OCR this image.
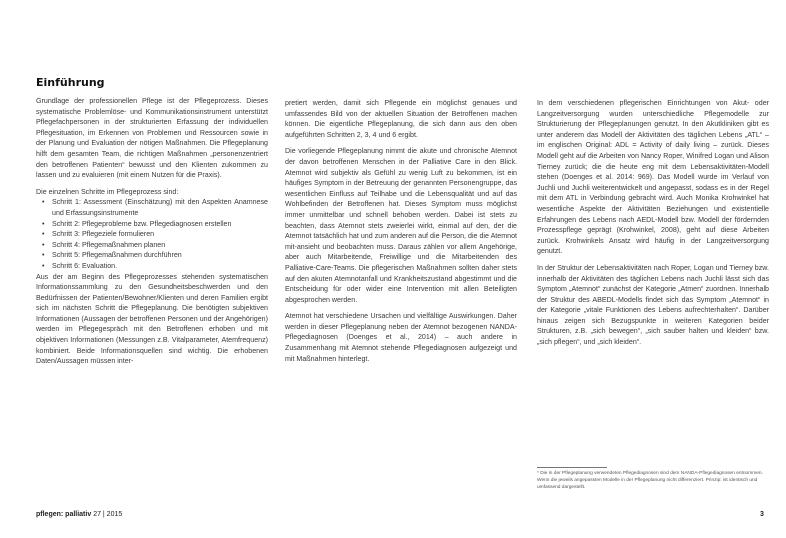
Einführung

Grundlage der professionellen Pflege ist der Pflegeprozess. Dieses systematische Problemlöse- und Kommunikationsinstrument unterstützt Pflegefachpersonen in der strukturierten Erfassung der individuellen Pflegesituation, im Erkennen von Problemen und Ressourcen sowie in der Planung und Evaluation der nötigen Maßnahmen. Die Pflegeplanung hilft dem gesamten Team, die richtigen Maßnahmen „personenzentriert den betroffenen Patienten“ bewusst und den Klienten zukommen zu lassen und zu evaluieren (mit einem Nutzen für die Praxis).

Die einzelnen Schritte im Pflegeprozess sind:
• Schritt 1: Assessment (Einschätzung) mit den Aspekten Anamnese und Erfassungsinstrumente
• Schritt 2: Pflegeprobleme bzw. Pflegediagnosen erstellen
• Schritt 3: Pflegeziele formulieren
• Schritt 4: Pflegemaßnahmen planen
• Schritt 5: Pflegemaßnahmen durchführen
• Schritt 6: Evaluation.

Aus der am Beginn des Pflegeprozesses stehenden systematischen Informationssammlung zu den Gesundheitsbeschwerden und den Bedürfnissen der Patienten/Bewohner/Klienten und deren Familien ergibt sich im nächsten Schritt die Pflegeplanung. Die benötigten subjektiven Informationen (Aussagen der betroffenen Personen und der Angehörigen) werden im Pflegegespräch mit den Betroffenen erhoben und mit objektiven Informationen (Messungen z.B. Vitalparameter, Atemfrequenz) kombiniert. Beide Informationsquellen sind wichtig. Die erhobenen Daten/Aussagen müssen inter-

pretiert werden, damit sich Pflegende ein möglichst genaues und umfassendes Bild von der aktuellen Situation der Betroffenen machen können. Die eigentliche Pflegeplanung, die sich dann aus den oben aufgeführten Schritten 2, 3, 4 und 6 ergibt.

Die vorliegende Pflegeplanung nimmt die akute und chronische Atemnot der davon betroffenen Menschen in der Palliative Care in den Blick. Atemnot wird subjektiv als Gefühl zu wenig Luft zu bekommen, ist ein häufiges Symptom in der Betreuung der genannten Personengruppe, das wesentlichen Einfluss auf Teilhabe und die Lebensqualität und auf das Wohlbefinden der Betroffenen hat. Dieses Symptom muss möglichst immer unmittelbar und schnell behoben werden. Dabei ist stets zu beachten, dass Atemnot stets zweierlei wirkt, einmal auf den, der die Atemnot tatsächlich hat und zum anderen auf die Person, die die Atemnot mit-ansieht und beobachten muss. Daraus zählen vor allem Angehörige, aber auch Mitarbeitende, Freiwillige und die Mitarbeitenden des Palliative-Care-Teams. Die pflegerischen Maßnahmen sollten daher stets auf den akuten Atemnotanfall und Krankheitszustand abgestimmt und die Entscheidung für oder wider eine Intervention mit allen Beteiligten abgesprochen werden.

Atemnot hat verschiedene Ursachen und vielfältige Auswirkungen. Daher werden in dieser Pflegeplanung neben der Atemnot bezogenen NANDA-Pflegediagnosen (Doenges et al., 2014) – auch andere in Zusammenhang mit Atemnot stehende Pflegediagnosen aufgezeigt und mit Maßnahmen hinterlegt.

In dem verschiedenen pflegerischen Einrichtungen von Akut- oder Langzeitversorgung wurden unterschiedliche Pflegemodelle zur Strukturierung der Pflegeplanungen genutzt. In den Akutkliniken gibt es unter anderem das Modell der Aktivitäten des täglichen Lebens „ATL“ – im englischen Original: ADL = Activity of daily living – zurück. Dieses Modell geht auf die Arbeiten von Nancy Roper, Winifred Logan und Alison Tierney zurück; die die heute eng mit dem Lebensaktivitäten-Modell stehen (Doenges et al. 2014: 969). Das Modell wurde im Verlauf von Juchli und Juchli weiterentwickelt und angepasst, sodass es in der Regel mit dem ATL in Verbindung gebracht wird. Auch Monika Krohwinkel hat wesentliche Aspekte der Aktivitäten Beziehungen und existentielle Erfahrungen des Lebens nach AEDL-Modell bzw. Modell der fördernden Prozesspflege geprägt (Krohwinkel, 2008), geht auf diese Arbeiten zurück. Krohwinkels Ansatz wird häufig in der Langzeitversorgung genutzt.

In der Struktur der Lebensaktivitäten nach Roper, Logan und Tierney bzw. innerhalb der Aktivitäten des täglichen Lebens nach Juchli lässt sich das Symptom „Atemnot“ zunächst der Kategorie „Atmen“ zuordnen. Innerhalb der Struktur des ABEDL-Modells findet sich das Symptom „Atemnot“ in der Kategorie „vitale Funktionen des Lebens aufrechterhalten“. Darüber hinaus zeigen sich Bezugspunkte in weiteren Kategorien beider Strukturen, z.B. „sich bewegen“, „sich sauber halten und kleiden“ bzw. „sich pflegen“, und „sich kleiden“.

* Die in der Pflegeplanung verwendeten Pflegediagnosen sind dem NANDA-Pflegediagnosen entnommen. Wenn die jeweils angepassten Modelle in der Pflegeplanung nicht differenziert. Prinzip: ist identisch und umfassend dargestellt.
pflegen: palliativ 27 | 2015	3
